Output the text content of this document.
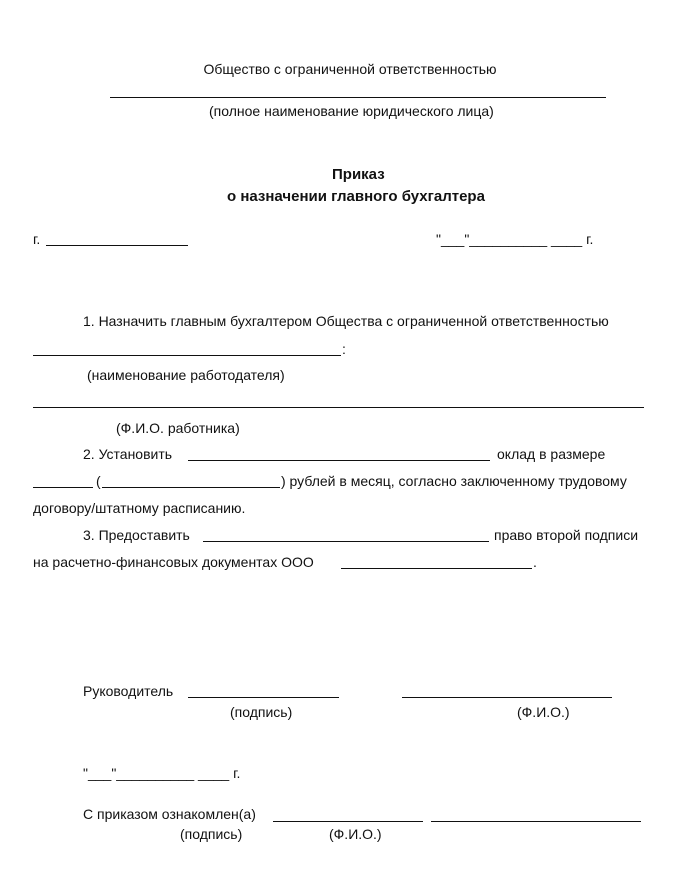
Общество с ограниченной ответственностью
(полное наименование юридического лица)
Приказ
о назначении главного бухгалтера
г.	"___"__________ ____ г.
1. Назначить главным бухгалтером Общества с ограниченной ответственностью
:
(наименование работодателя)
(Ф.И.О. работника)
2. Установить	оклад в размере
(	) рублей в месяц, согласно заключенному трудовому
договору/штатному расписанию.
3. Предоставить	право второй подписи
на расчетно-финансовых документах ООО	.
Руководитель
(подпись)	(Ф.И.О.)
"___"__________ ____ г.
С приказом ознакомлен(а)
(подпись)	(Ф.И.О.)
